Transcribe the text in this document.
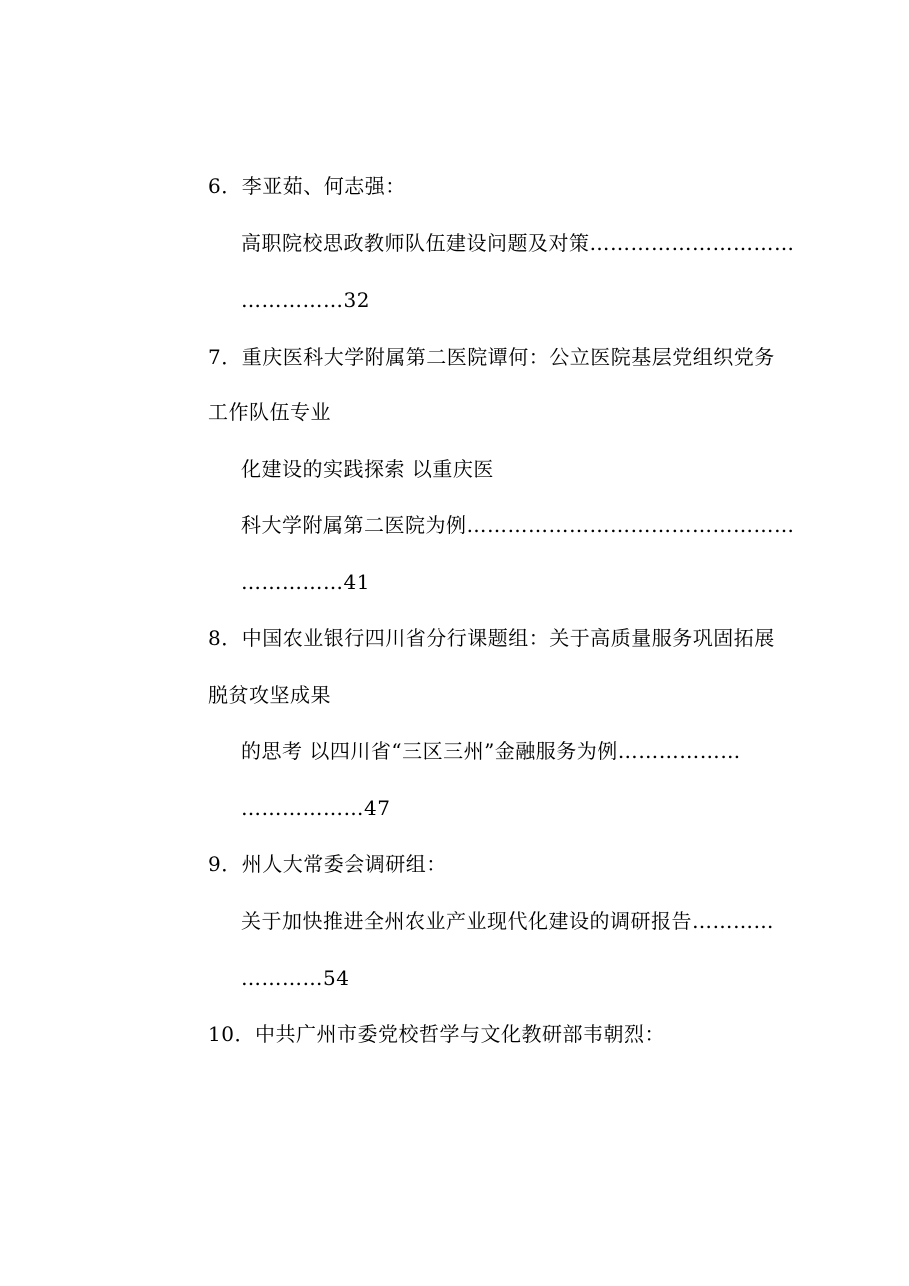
6．李亚茹、何志强：
高职院校思政教师队伍建设问题及对策…………………………
……………32
7．重庆医科大学附属第二医院谭何：公立医院基层党组织党务
工作队伍专业
化建设的实践探索 以重庆医
科大学附属第二医院为例…………………………………………
……………41
8．中国农业银行四川省分行课题组：关于高质量服务巩固拓展
脱贫攻坚成果
的思考 以四川省“三区三州”金融服务为例………………
………………47
9．州人大常委会调研组：
关于加快推进全州农业产业现代化建设的调研报告…………
…………54
10．中共广州市委党校哲学与文化教研部韦朝烈：
